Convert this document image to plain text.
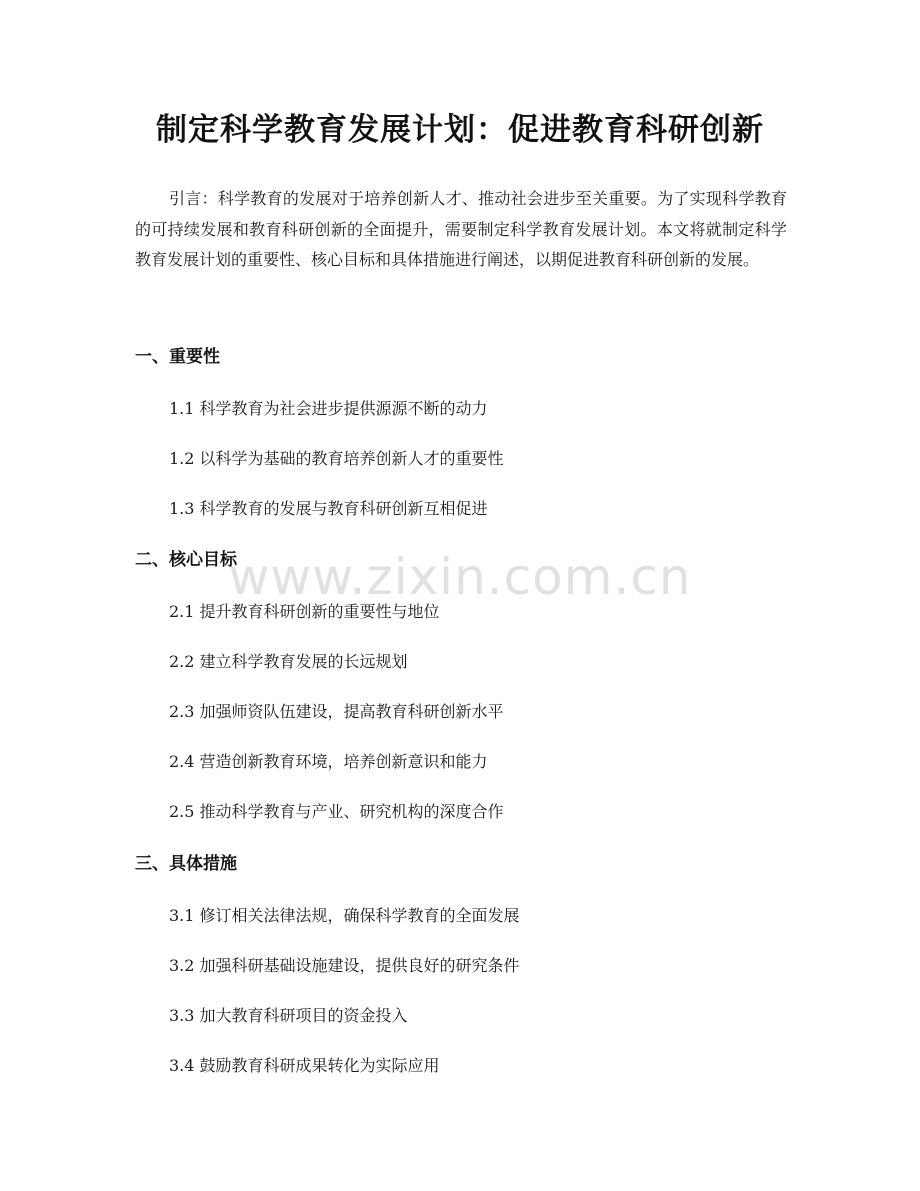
制定科学教育发展计划：促进教育科研创新

引言：科学教育的发展对于培养创新人才、推动社会进步至关重要。为了实现科学教育的可持续发展和教育科研创新的全面提升，需要制定科学教育发展计划。本文将就制定科学教育发展计划的重要性、核心目标和具体措施进行阐述，以期促进教育科研创新的发展。

一、重要性
1.1 科学教育为社会进步提供源源不断的动力
1.2 以科学为基础的教育培养创新人才的重要性
1.3 科学教育的发展与教育科研创新互相促进
二、核心目标
2.1 提升教育科研创新的重要性与地位
2.2 建立科学教育发展的长远规划
2.3 加强师资队伍建设，提高教育科研创新水平
2.4 营造创新教育环境，培养创新意识和能力
2.5 推动科学教育与产业、研究机构的深度合作
三、具体措施
3.1 修订相关法律法规，确保科学教育的全面发展
3.2 加强科研基础设施建设，提供良好的研究条件
3.3 加大教育科研项目的资金投入
3.4 鼓励教育科研成果转化为实际应用
www.zixin.com.cn
